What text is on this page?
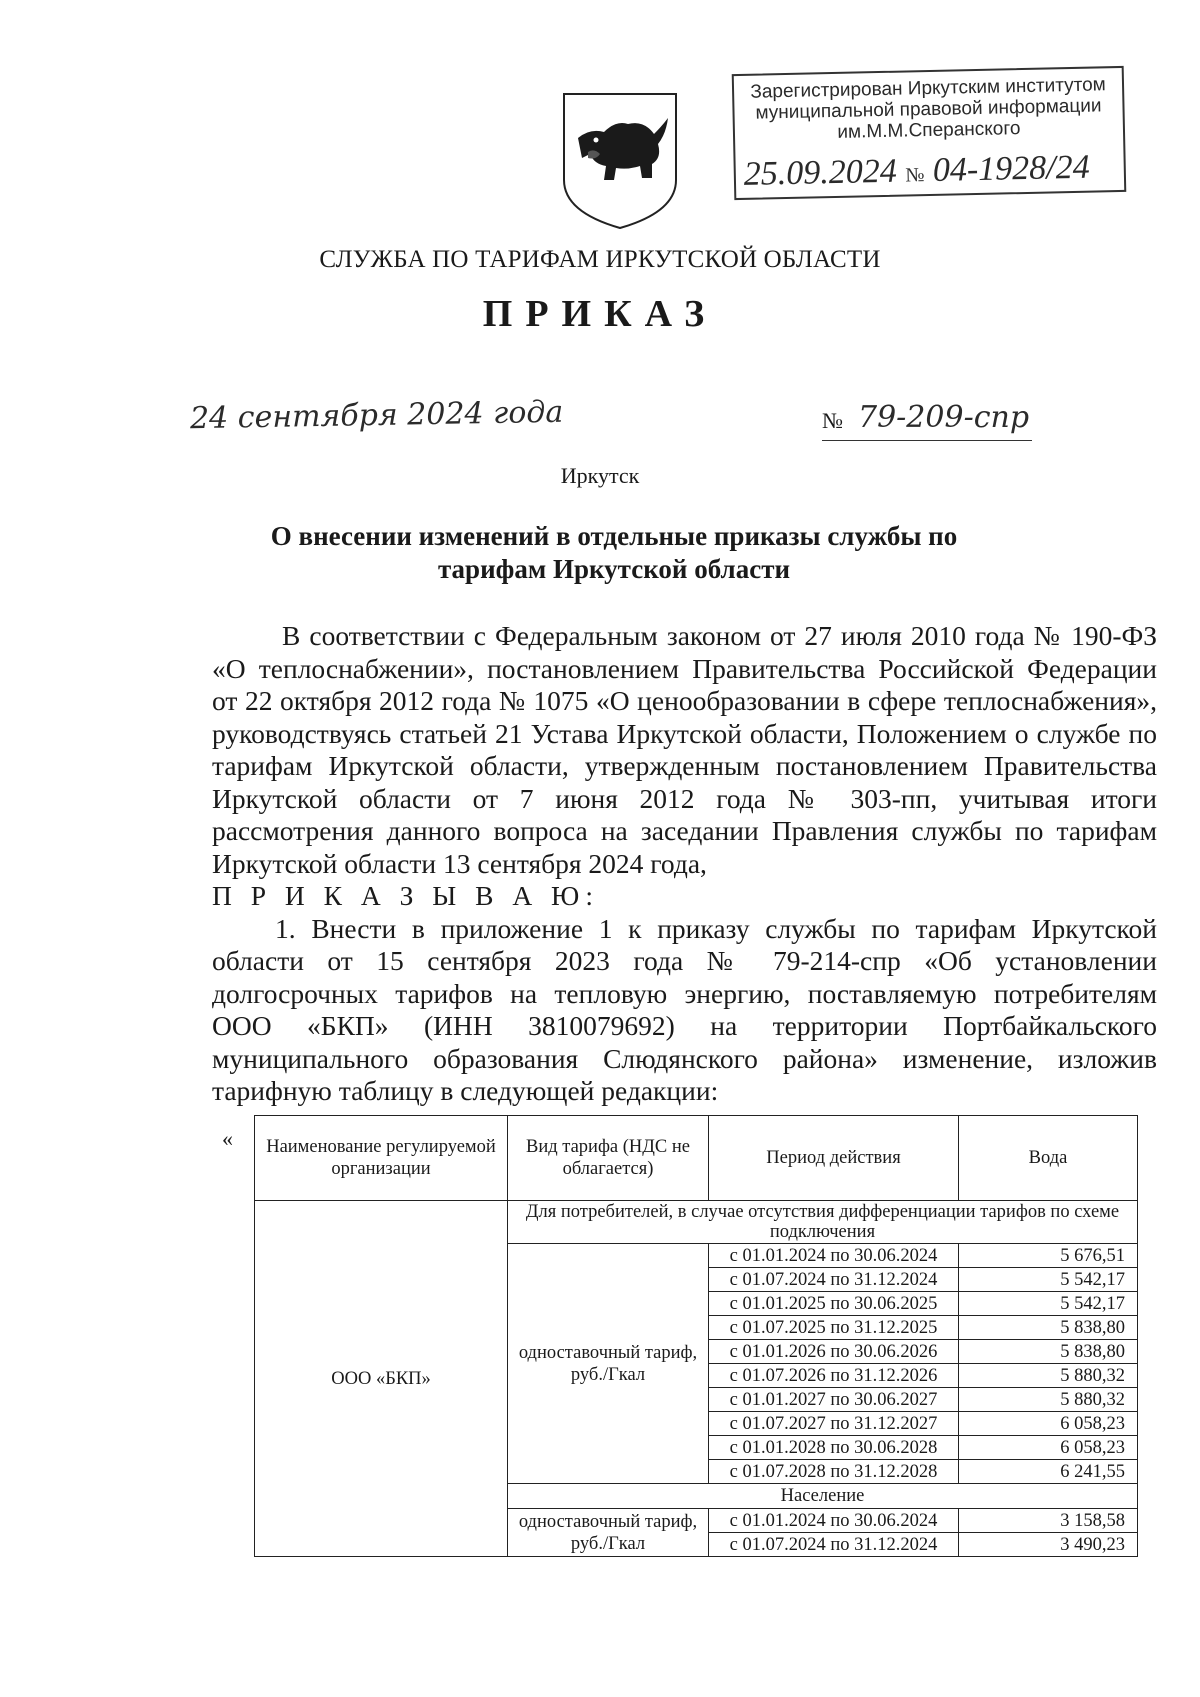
Зарегистрирован Иркутским институтом
муниципальной правовой информации
им.М.М.Сперанского
25.09.2024 № 04-1928/24
СЛУЖБА ПО ТАРИФАМ ИРКУТСКОЙ ОБЛАСТИ
ПРИКАЗ
24 сентября 2024 года	№ 79-209-спр
Иркутск
О внесении изменений в отдельные приказы службы по тарифам Иркутской области

В соответствии с Федеральным законом от 27 июля 2010 года № 190-ФЗ «О теплоснабжении», постановлением Правительства Российской Федерации от 22 октября 2012 года № 1075 «О ценообразовании в сфере теплоснабжения», руководствуясь статьей 21 Устава Иркутской области, Положением о службе по тарифам Иркутской области, утвержденным постановлением Правительства Иркутской области от 7 июня 2012 года № 303-пп, учитывая итоги рассмотрения данного вопроса на заседании Правления службы по тарифам Иркутской области 13 сентября 2024 года,

П Р И К А З Ы В А Ю:

1. Внести в приложение 1 к приказу службы по тарифам Иркутской области от 15 сентября 2023 года № 79-214-спр «Об установлении долгосрочных тарифов на тепловую энергию, поставляемую потребителям ООО «БКП» (ИНН 3810079692) на территории Портбайкальского муниципального образования Слюдянского района» изменение, изложив тарифную таблицу в следующей редакции:

« Наименование регулируемой организации	Вид тарифа (НДС не облагается)	Период действия	Вода
ООО «БКП»	Для потребителей, в случае отсутствия дифференциации тарифов по схеме подключения		
	одноставочный тариф, руб./Гкал	с 01.01.2024 по 30.06.2024	5 676,51
		с 01.07.2024 по 31.12.2024	5 542,17
		с 01.01.2025 по 30.06.2025	5 542,17
		с 01.07.2025 по 31.12.2025	5 838,80
		с 01.01.2026 по 30.06.2026	5 838,80
		с 01.07.2026 по 31.12.2026	5 880,32
		с 01.01.2027 по 30.06.2027	5 880,32
		с 01.07.2027 по 31.12.2027	6 058,23
		с 01.01.2028 по 30.06.2028	6 058,23
		с 01.07.2028 по 31.12.2028	6 241,55
	Население		
	одноставочный тариф, руб./Гкал	с 01.01.2024 по 30.06.2024	3 158,58
		с 01.07.2024 по 31.12.2024	3 490,23
